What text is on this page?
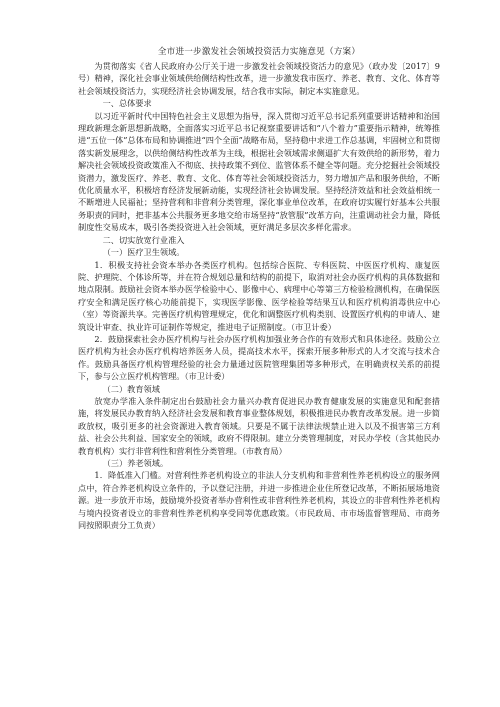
全市进一步激发社会领域投资活力实施意见（方案）

为贯彻落实《省人民政府办公厅关于进一步激发社会领域投资活力的意见》（政办发〔2017〕9号）精神，深化社会事业领域供给侧结构性改革，进一步激发我市医疗、养老、教育、文化、体育等社会领域投资活力，实现经济社会协调发展，结合我市实际，制定本实施意见。

一、总体要求

以习近平新时代中国特色社会主义思想为指导，深入贯彻习近平总书记系列重要讲话精神和治国理政新理念新思想新战略，全面落实习近平总书记视察重要讲话和“八个着力”重要指示精神，统筹推进“五位一体”总体布局和协调推进“四个全面”战略布局，坚持稳中求进工作总基调，牢固树立和贯彻落实新发展理念，以供给侧结构性改革为主线，根据社会领域需求侧逼扩大有效供给的新形势，着力解决社会领域投资政策准入不彻底、扶持政策不到位、监管体系不健全等问题。充分挖掘社会领域投资潜力，激发医疗、养老、教育、文化、体育等社会领域投资活力，努力增加产品和服务供给，不断优化质量水平，积极培育经济发展新动能，实现经济社会协调发展。坚持经济效益和社会效益相统一不断增进人民福祉；坚持营利和非营利分类管理，深化事业单位改革，在政府切实履行好基本公共服务职责的同时，把非基本公共服务更多地交给市场坚持“放管服”改革方向，注重调动社会力量，降低制度性交易成本，吸引各类投资进入社会领域，更好满足多层次多样化需求。

二、切实放宽行业准入

（一）医疗卫生领域。

1．积极支持社会资本举办各类医疗机构。包括综合医院、专科医院、中医医疗机构、康复医院、护理院、个体诊所等，并在符合规划总量和结构的前提下，取消对社会办医疗机构的具体数据和地点限制。鼓励社会资本举办医学检验中心、影像中心、病理中心等第三方检验检测机构，在确保医疗安全和满足医疗核心功能前提下，实现医学影像、医学检验等结果互认和医疗机构消毒供应中心（室）等资源共享。完善医疗机构管理规定，优化和调整医疗机构类别、设置医疗机构的申请人、建筑设计审查、执业许可证制作等规定，推进电子证照制度。（市卫计委）

2．鼓励探索社会办医疗机构与社会办医疗机构加强业务合作的有效形式和具体途径。鼓励公立医疗机构为社会办医疗机构培养医务人员，提高技术水平，探索开展多种形式的人才交流与技术合作。鼓励具备医疗机构管理经验的社会力量通过医院管理集团等多种形式，在明确责权关系的前提下，参与公立医疗机构管理。（市卫计委）

（二）教育领域

放宽办学准入条件制定出台鼓励社会力量兴办教育促进民办教育健康发展的实施意见和配套措施，将发展民办教育纳入经济社会发展和教育事业整体规划，积极推进民办教育改革发展。进一步简政放权，吸引更多的社会资源进入教育领域。只要是不属于法律法规禁止进入以及不损害第三方利益、社会公共利益、国家安全的领域，政府不得限制。建立分类管理制度，对民办学校（含其他民办教育机构）实行非营利性和营利性分类管理。（市教育局）

（三）养老领域。

1．降低准入门槛。对营利性养老机构设立的非法人分支机构和非营利性养老机构设立的服务网点中，符合养老机构设立条件的，予以登记注册，并进一步推进企业住所登记改革，不断拓展场地资源。进一步放开市场，鼓励境外投资者举办营利性或非营利性养老机构，其设立的非营利性养老机构与境内投资者设立的非营利性养老机构享受同等优惠政策。（市民政局、市市场监督管理局、市商务同按照职责分工负责）
